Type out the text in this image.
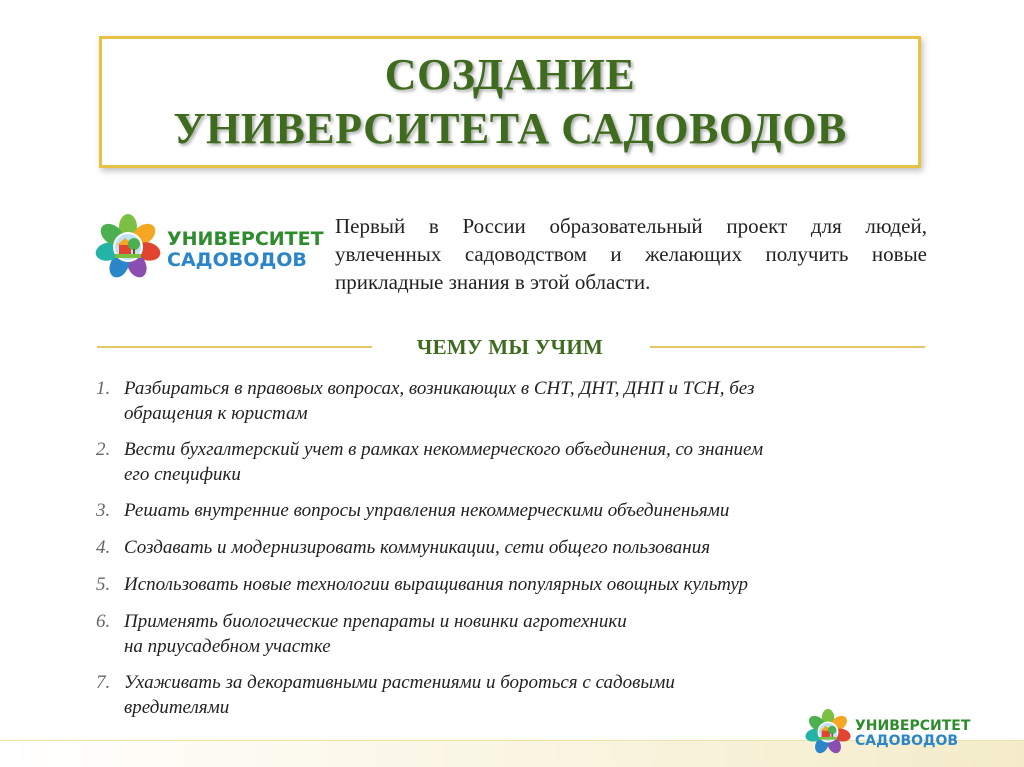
СОЗДАНИЕ
УНИВЕРСИТЕТА САДОВОДОВ
УНИВЕРСИТЕТ
САДОВОДОВ
Первый в России образовательный проект для людей, увлеченных садоводством и желающих получить новые прикладные знания в этой области.
ЧЕМУ МЫ УЧИМ
1. Разбираться в правовых вопросах, возникающих в СНТ, ДНТ, ДНП и ТСН, без
обращения к юристам
2. Вести бухгалтерский учет в рамках некоммерческого объединения, со знанием
его специфики
3. Решать внутренние вопросы управления некоммерческими объединеньями
4. Создавать и модернизировать коммуникации, сети общего пользования
5. Использовать новые технологии выращивания популярных овощных культур
6. Применять биологические препараты и новинки агротехники
на приусадебном участке
7. Ухаживать за декоративными растениями и бороться с садовыми
вредителями
УНИВЕРСИТЕТ
САДОВОДОВ
